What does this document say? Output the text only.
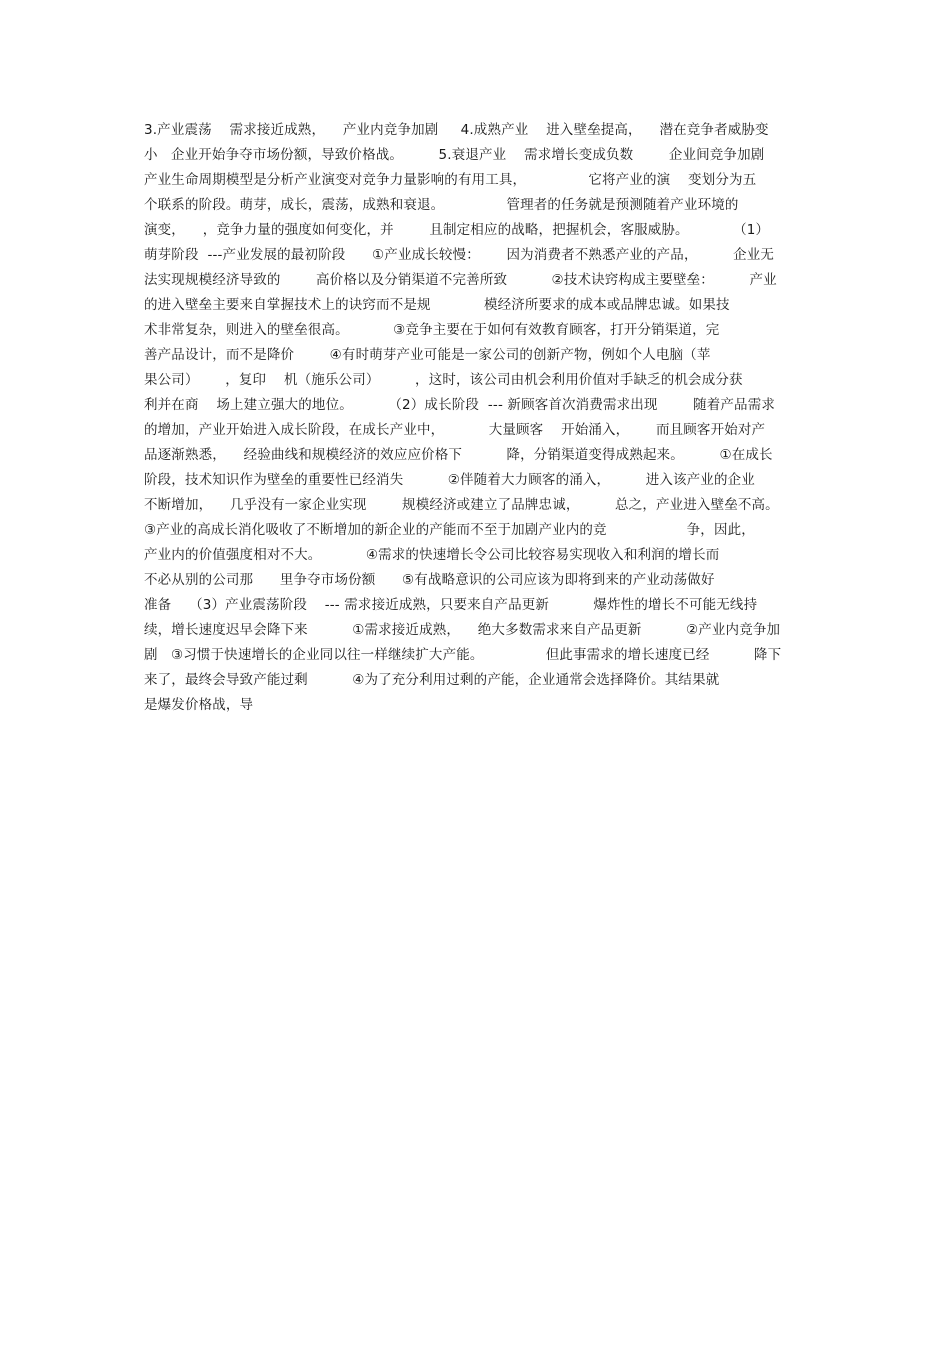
3.产业震荡    需求接近成熟，    产业内竞争加剧     4.成熟产业    进入壁垒提高，    潜在竞争者威胁变
小   企业开始争夺市场份额，导致价格战。        5.衰退产业    需求增长变成负数        企业间竞争加剧
产业生命周期模型是分析产业演变对竞争力量影响的有用工具，              它将产业的演    变划分为五
个联系的阶段。萌芽，成长，震荡，成熟和衰退。              管理者的任务就是预测随着产业环境的
演变，    ，竞争力量的强度如何变化，并        且制定相应的战略，把握机会，客服威胁。          （1）
萌芽阶段  ---产业发展的最初阶段      ①产业成长较慢：      因为消费者不熟悉产业的产品，        企业无
法实现规模经济导致的        高价格以及分销渠道不完善所致          ②技术诀窍构成主要壁垒：        产业
的进入壁垒主要来自掌握技术上的诀窍而不是规            模经济所要求的成本或品牌忠诚。如果技
术非常复杂，则进入的壁垒很高。          ③竞争主要在于如何有效教育顾客，打开分销渠道，完
善产品设计，而不是降价        ④有时萌芽产业可能是一家公司的创新产物，例如个人电脑（苹
果公司）      ，复印    机（施乐公司）        ，这时，该公司由机会利用价值对手缺乏的机会成分获
利并在商    场上建立强大的地位。        （2）成长阶段  --- 新顾客首次消费需求出现        随着产品需求
的增加，产业开始进入成长阶段，在成长产业中，          大量顾客    开始涌入，      而且顾客开始对产
品逐渐熟悉，    经验曲线和规模经济的效应应价格下          降，分销渠道变得成熟起来。        ①在成长
阶段，技术知识作为壁垒的重要性已经消失          ②伴随着大力顾客的涌入，        进入该产业的企业
不断增加，    几乎没有一家企业实现        规模经济或建立了品牌忠诚，        总之，产业进入壁垒不高。
③产业的高成长消化吸收了不断增加的新企业的产能而不至于加剧产业内的竞                  争，因此，
产业内的价值强度相对不大。          ④需求的快速增长令公司比较容易实现收入和利润的增长而
不必从别的公司那      里争夺市场份额      ⑤有战略意识的公司应该为即将到来的产业动荡做好
准备    （3）产业震荡阶段    --- 需求接近成熟，只要来自产品更新          爆炸性的增长不可能无线持
续，增长速度迟早会降下来          ①需求接近成熟，    绝大多数需求来自产品更新          ②产业内竞争加
剧   ③习惯于快速增长的企业同以往一样继续扩大产能。              但此事需求的增长速度已经          降下
来了，最终会导致产能过剩          ④为了充分利用过剩的产能，企业通常会选择降价。其结果就
是爆发价格战，导
